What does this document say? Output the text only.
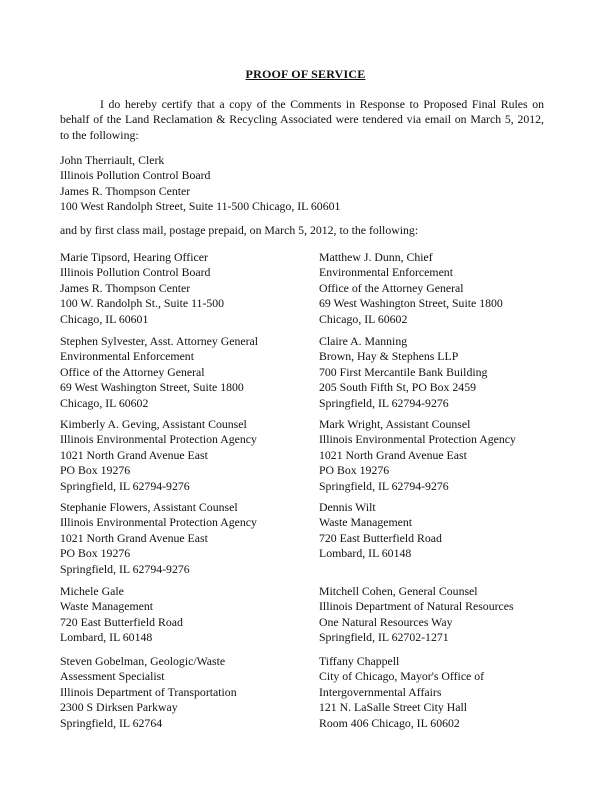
PROOF OF SERVICE
I do hereby certify that a copy of the Comments in Response to Proposed Final Rules on behalf of the Land Reclamation & Recycling Associated were tendered via email on March 5, 2012, to the following:
John Therriault, Clerk
Illinois Pollution Control Board
James R. Thompson Center
100 West Randolph Street, Suite 11-500 Chicago, IL 60601
and by first class mail, postage prepaid, on March 5, 2012, to the following:
Marie Tipsord, Hearing Officer
Illinois Pollution Control Board
James R. Thompson Center
100 W. Randolph St., Suite 11-500
Chicago, IL 60601
Matthew J. Dunn, Chief
Environmental Enforcement
Office of the Attorney General
69 West Washington Street, Suite 1800
Chicago, IL 60602
Stephen Sylvester, Asst. Attorney General
Environmental Enforcement
Office of the Attorney General
69 West Washington Street, Suite 1800
Chicago, IL 60602
Claire A. Manning
Brown, Hay & Stephens LLP
700 First Mercantile Bank Building
205 South Fifth St, PO Box 2459
Springfield, IL 62794-9276
Kimberly A. Geving, Assistant Counsel
Illinois Environmental Protection Agency
1021 North Grand Avenue East
PO Box 19276
Springfield, IL 62794-9276
Mark Wright, Assistant Counsel
Illinois Environmental Protection Agency
1021 North Grand Avenue East
PO Box 19276
Springfield, IL 62794-9276
Stephanie Flowers, Assistant Counsel
Illinois Environmental Protection Agency
1021 North Grand Avenue East
PO Box 19276
Springfield, IL 62794-9276
Dennis Wilt
Waste Management
720 East Butterfield Road
Lombard, IL 60148
Michele Gale
Waste Management
720 East Butterfield Road
Lombard, IL 60148
Mitchell Cohen, General Counsel
Illinois Department of Natural Resources
One Natural Resources Way
Springfield, IL 62702-1271
Steven Gobelman, Geologic/Waste
Assessment Specialist
Illinois Department of Transportation
2300 S Dirksen Parkway
Springfield, IL 62764
Tiffany Chappell
City of Chicago, Mayor's Office of
Intergovernmental Affairs
121 N. LaSalle Street City Hall
Room 406 Chicago, IL 60602
